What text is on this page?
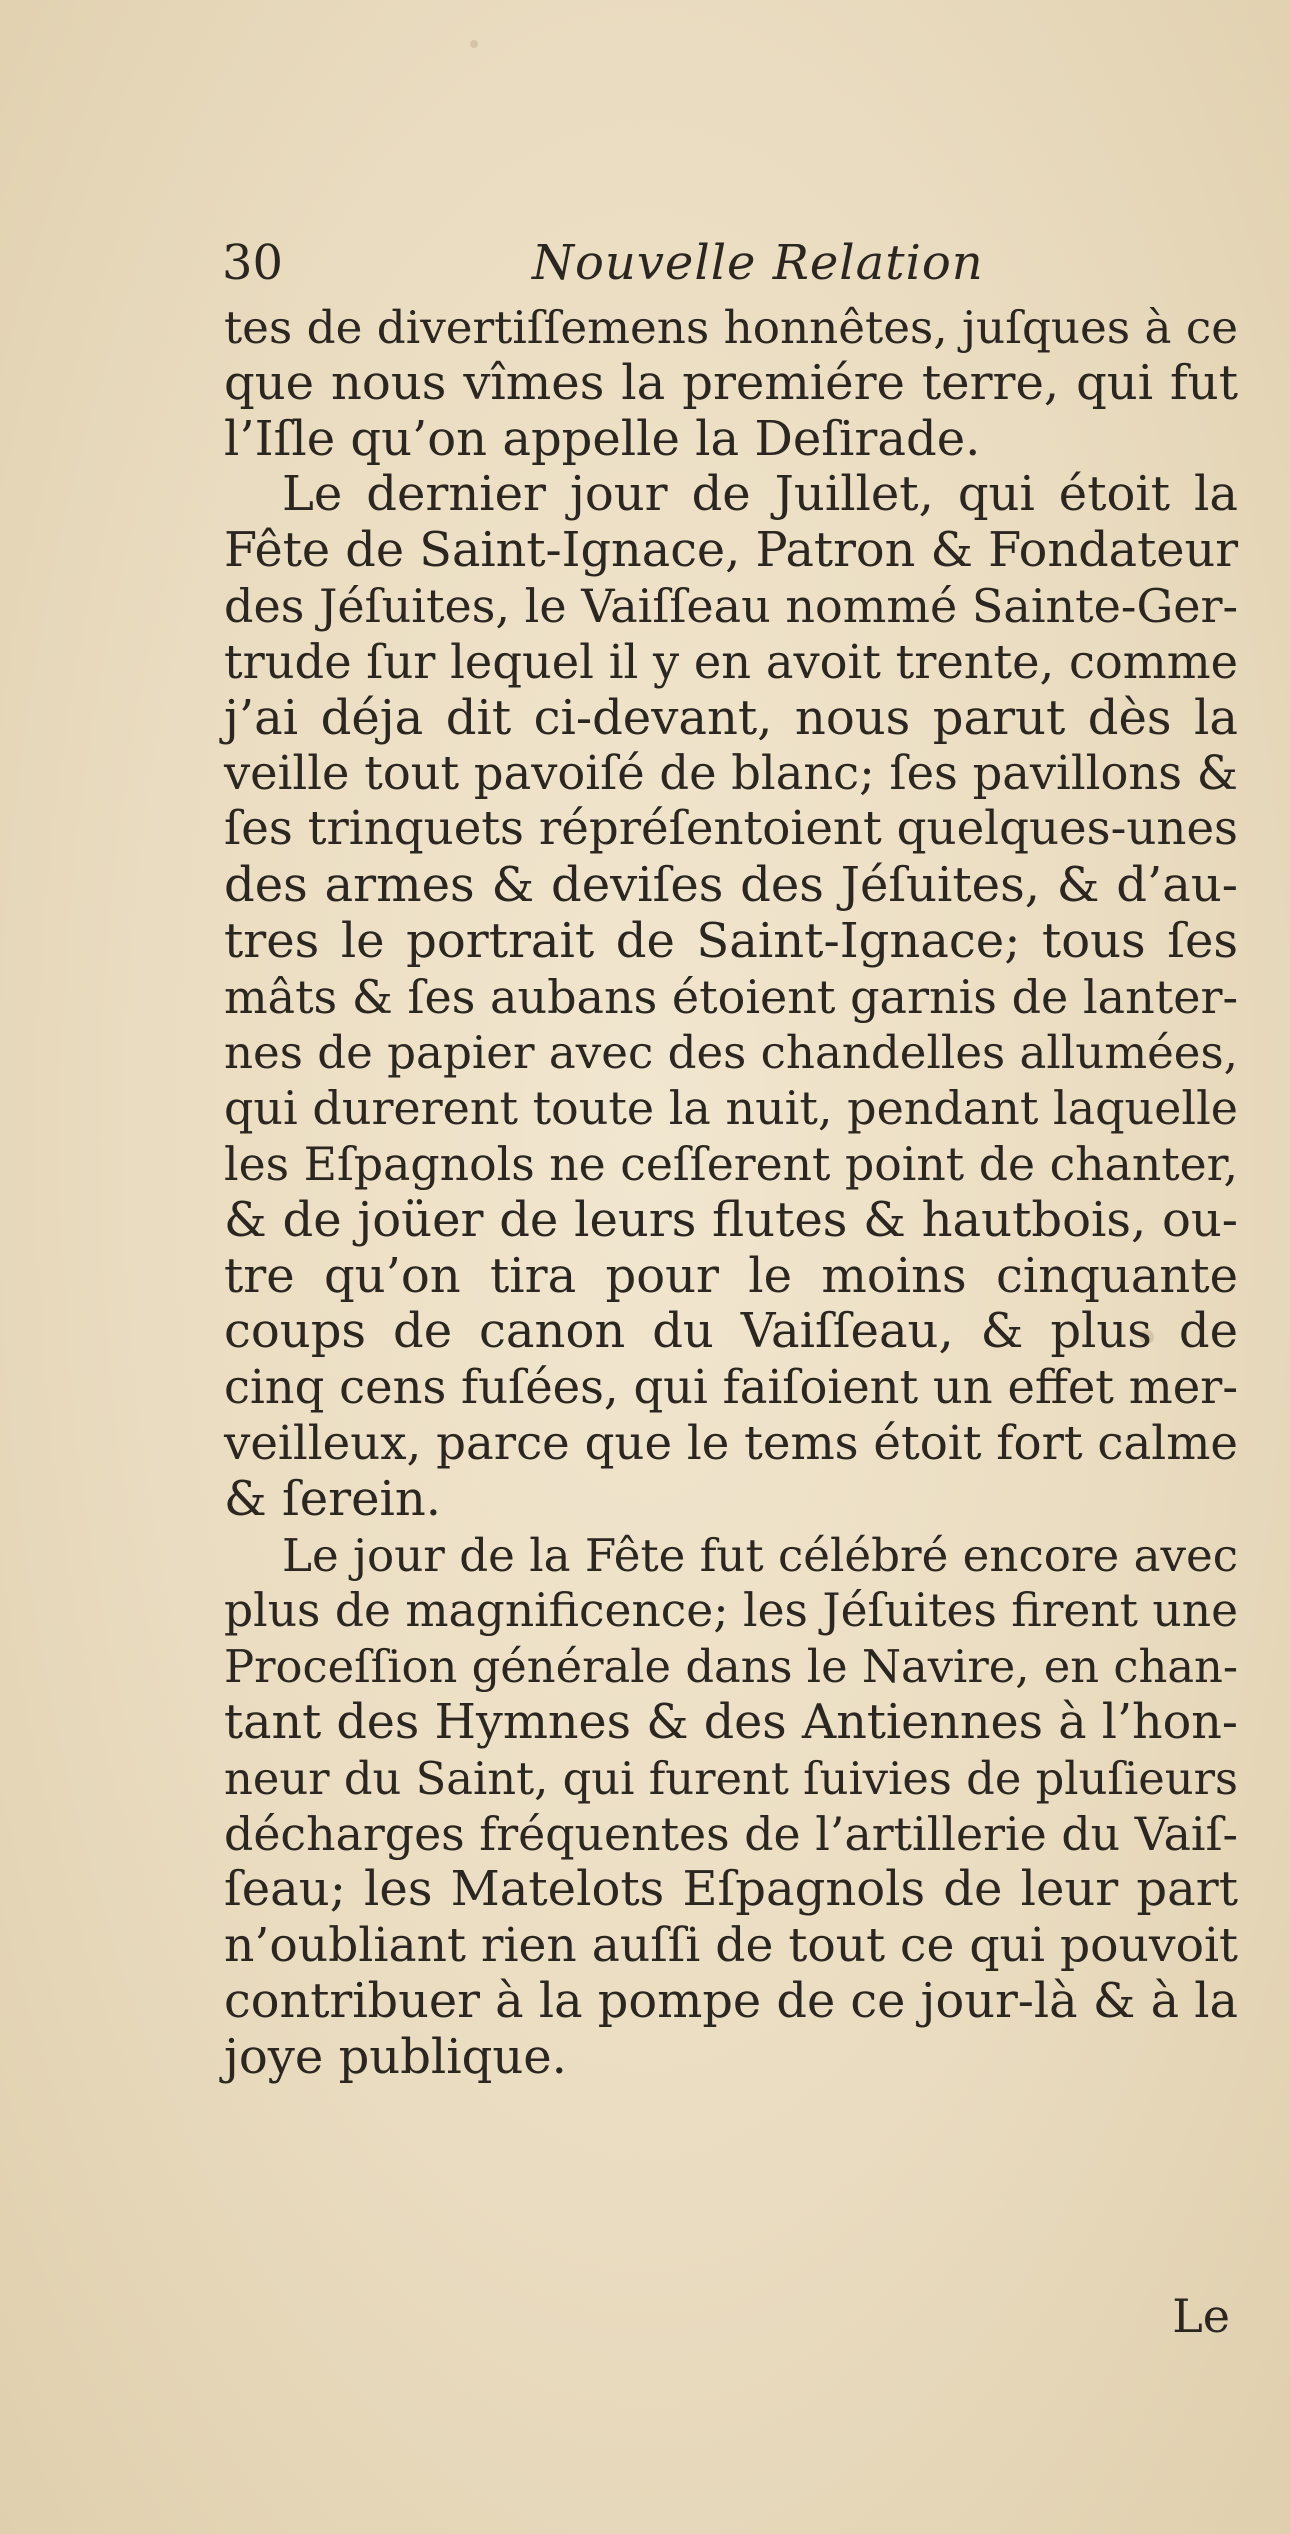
30	Nouvelle Relation
tes de divertiſſemens honnêtes, juſques à ce
que nous vîmes la premiére terre, qui fut
l’Iſle qu’on appelle la Deſirade.
Le dernier jour de Juillet, qui étoit la
Fête de Saint-Ignace, Patron & Fondateur
des Jéſuites, le Vaiſſeau nommé Sainte-Ger-
trude ſur lequel il y en avoit trente, comme
j’ai déja dit ci-devant, nous parut dès la
veille tout pavoiſé de blanc; ſes pavillons &
ſes trinquets répréſentoient quelques-unes
des armes & deviſes des Jéſuites, & d’au-
tres le portrait de Saint-Ignace; tous ſes
mâts & ſes aubans étoient garnis de lanter-
nes de papier avec des chandelles allumées,
qui durerent toute la nuit, pendant laquelle
les Eſpagnols ne ceſſerent point de chanter,
& de joüer de leurs flutes & hautbois, ou-
tre qu’on tira pour le moins cinquante
coups de canon du Vaiſſeau, & plus de
cinq cens fuſées, qui faiſoient un effet mer-
veilleux, parce que le tems étoit fort calme
& ſerein.
Le jour de la Fête fut célébré encore avec
plus de magnificence; les Jéſuites firent une
Proceſſion générale dans le Navire, en chan-
tant des Hymnes & des Antiennes à l’hon-
neur du Saint, qui furent ſuivies de pluſieurs
décharges fréquentes de l’artillerie du Vaiſ-
ſeau; les Matelots Eſpagnols de leur part
n’oubliant rien auſſi de tout ce qui pouvoit
contribuer à la pompe de ce jour-là & à la
joye publique.
Le
